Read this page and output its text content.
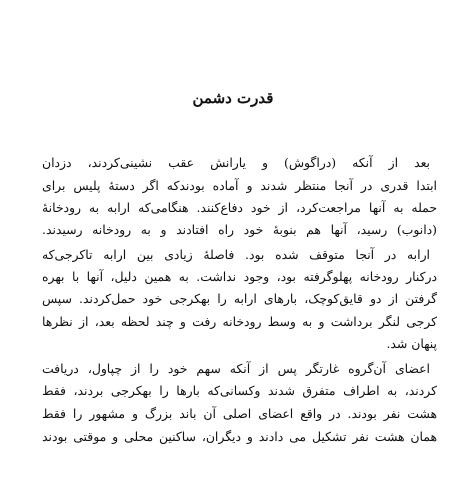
قدرت دشمن
بعد از آنکه (دراگوش) و یارانش عقب نشینی‌کردند، دزدان
ابتدا قدری در آنجا منتظر شدند و آماده بودندکه اگر دستهٔ پلیس برای
حمله به آنها مراجعت‌کرد، از خود دفاع‌کنند. هنگامی‌که ارابه به رودخانهٔ
(دانوب) رسید، آنها هم بنوبهٔ خود راه افتادند و به رودخانه رسیدند.
ارابه در آنجا متوقف شده بود. فاصلهٔ زیادی بین ارابه تاکرجی‌که
درکنار رودخانه پهلوگرفته بود، وجود نداشت. به همین دلیل، آنها با بهره
گرفتن از دو قایق‌کوچک، بارهای ارابه را بهکرجی خود حمل‌کردند. سپس
کرجی لنگر برداشت و به وسط رودخانه رفت و چند لحظه بعد، از نظرها
پنهان شد.
اعضای آن‌گروه غارتگر پس از آنکه سهم خود را از چپاول، دریافت
کردند، به اطراف متفرق شدند وکسانی‌که بارها را بهکرجی بردند، فقط
هشت نفر بودند. در واقع اعضای اصلی آن باند بزرگ و مشهور را فقط
همان هشت نفر تشکیل می دادند و دیگران، ساکنین محلی و موقتی بودند
